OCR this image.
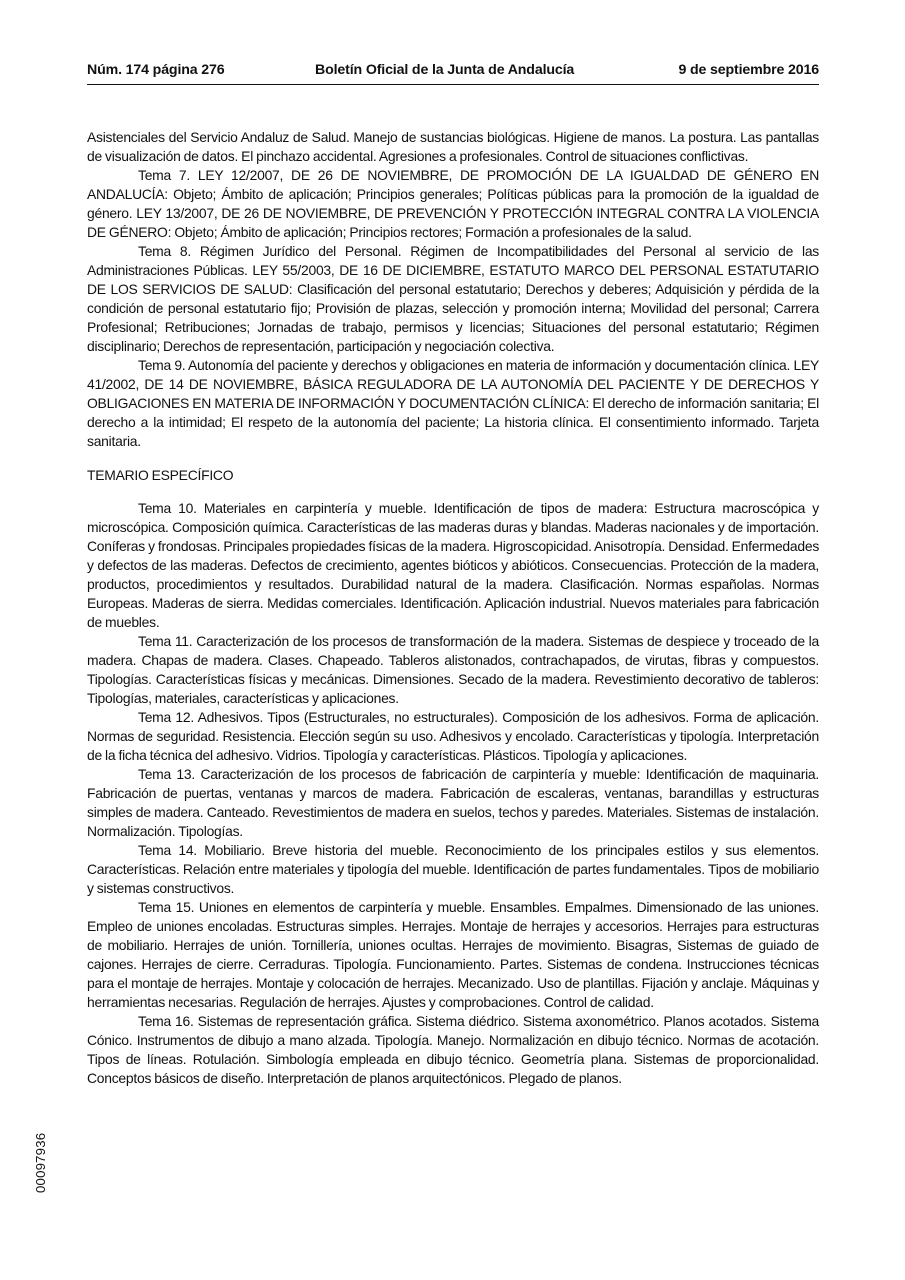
Núm. 174 página 276	Boletín Oficial de la Junta de Andalucía	9 de septiembre 2016

Asistenciales del Servicio Andaluz de Salud. Manejo de sustancias biológicas. Higiene de manos. La postura. Las pantallas de visualización de datos. El pinchazo accidental. Agresiones a profesionales. Control de situaciones conflictivas.

Tema 7. LEY 12/2007, DE 26 DE NOVIEMBRE, DE PROMOCIÓN DE LA IGUALDAD DE GÉNERO EN ANDALUCÍA: Objeto; Ámbito de aplicación; Principios generales; Políticas públicas para la promoción de la igualdad de género. LEY 13/2007, DE 26 DE NOVIEMBRE, DE PREVENCIÓN Y PROTECCIÓN INTEGRAL CONTRA LA VIOLENCIA DE GÉNERO: Objeto; Ámbito de aplicación; Principios rectores; Formación a profesionales de la salud.

Tema 8. Régimen Jurídico del Personal. Régimen de Incompatibilidades del Personal al servicio de las Administraciones Públicas. LEY 55/2003, DE 16 DE DICIEMBRE, ESTATUTO MARCO DEL PERSONAL ESTATUTARIO DE LOS SERVICIOS DE SALUD: Clasificación del personal estatutario; Derechos y deberes; Adquisición y pérdida de la condición de personal estatutario fijo; Provisión de plazas, selección y promoción interna; Movilidad del personal; Carrera Profesional; Retribuciones; Jornadas de trabajo, permisos y licencias; Situaciones del personal estatutario; Régimen disciplinario; Derechos de representación, participación y negociación colectiva.

Tema 9. Autonomía del paciente y derechos y obligaciones en materia de información y documentación clínica. LEY 41/2002, DE 14 DE NOVIEMBRE, BÁSICA REGULADORA DE LA AUTONOMÍA DEL PACIENTE Y DE DERECHOS Y OBLIGACIONES EN MATERIA DE INFORMACIÓN Y DOCUMENTACIÓN CLÍNICA: El derecho de información sanitaria; El derecho a la intimidad; El respeto de la autonomía del paciente; La historia clínica. El consentimiento informado. Tarjeta sanitaria.

TEMARIO ESPECÍFICO

Tema 10. Materiales en carpintería y mueble. Identificación de tipos de madera: Estructura macroscópica y microscópica. Composición química. Características de las maderas duras y blandas. Maderas nacionales y de importación. Coníferas y frondosas. Principales propiedades físicas de la madera. Higroscopicidad. Anisotropía. Densidad. Enfermedades y defectos de las maderas. Defectos de crecimiento, agentes bióticos y abióticos. Consecuencias. Protección de la madera, productos, procedimientos y resultados. Durabilidad natural de la madera. Clasificación. Normas españolas. Normas Europeas. Maderas de sierra. Medidas comerciales. Identificación. Aplicación industrial. Nuevos materiales para fabricación de muebles.

Tema 11. Caracterización de los procesos de transformación de la madera. Sistemas de despiece y troceado de la madera. Chapas de madera. Clases. Chapeado. Tableros alistonados, contrachapados, de virutas, fibras y compuestos. Tipologías. Características físicas y mecánicas. Dimensiones. Secado de la madera. Revestimiento decorativo de tableros: Tipologías, materiales, características y aplicaciones.

Tema 12. Adhesivos. Tipos (Estructurales, no estructurales). Composición de los adhesivos. Forma de aplicación. Normas de seguridad. Resistencia. Elección según su uso. Adhesivos y encolado. Características y tipología. Interpretación de la ficha técnica del adhesivo. Vidrios. Tipología y características. Plásticos. Tipología y aplicaciones.

Tema 13. Caracterización de los procesos de fabricación de carpintería y mueble: Identificación de maquinaria. Fabricación de puertas, ventanas y marcos de madera. Fabricación de escaleras, ventanas, barandillas y estructuras simples de madera. Canteado. Revestimientos de madera en suelos, techos y paredes. Materiales. Sistemas de instalación. Normalización. Tipologías.

Tema 14. Mobiliario. Breve historia del mueble. Reconocimiento de los principales estilos y sus elementos. Características. Relación entre materiales y tipología del mueble. Identificación de partes fundamentales. Tipos de mobiliario y sistemas constructivos.

Tema 15. Uniones en elementos de carpintería y mueble. Ensambles. Empalmes. Dimensionado de las uniones. Empleo de uniones encoladas. Estructuras simples. Herrajes. Montaje de herrajes y accesorios. Herrajes para estructuras de mobiliario. Herrajes de unión. Tornillería, uniones ocultas. Herrajes de movimiento. Bisagras, Sistemas de guiado de cajones. Herrajes de cierre. Cerraduras. Tipología. Funcionamiento. Partes. Sistemas de condena. Instrucciones técnicas para el montaje de herrajes. Montaje y colocación de herrajes. Mecanizado. Uso de plantillas. Fijación y anclaje. Máquinas y herramientas necesarias. Regulación de herrajes. Ajustes y comprobaciones. Control de calidad.

Tema 16. Sistemas de representación gráfica. Sistema diédrico. Sistema axonométrico. Planos acotados. Sistema Cónico. Instrumentos de dibujo a mano alzada. Tipología. Manejo. Normalización en dibujo técnico. Normas de acotación. Tipos de líneas. Rotulación. Simbología empleada en dibujo técnico. Geometría plana. Sistemas de proporcionalidad. Conceptos básicos de diseño. Interpretación de planos arquitectónicos. Plegado de planos.

00097936
